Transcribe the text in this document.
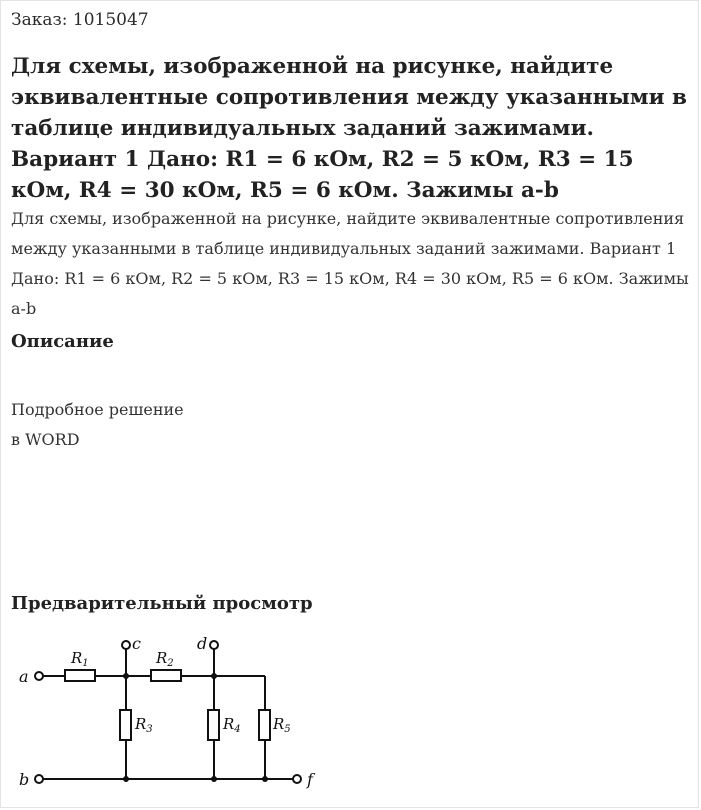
Заказ: 1015047
Для схемы, изображенной на рисунке, найдите эквивалентные сопротивления между указанными в таблице индивидуальных заданий зажимами. Вариант 1 Дано: R1 = 6 кОм, R2 = 5 кОм, R3 = 15 кОм, R4 = 30 кОм, R5 = 6 кОм. Зажимы a-b
Для схемы, изображенной на рисунке, найдите эквивалентные сопротивления между указанными в таблице индивидуальных заданий зажимами. Вариант 1 Дано: R1 = 6 кОм, R2 = 5 кОм, R3 = 15 кОм, R4 = 30 кОм, R5 = 6 кОм. Зажимы a-b
Описание
Подробное решение
в WORD
Предварительный просмотр
a
b
c	d
f
$R_1$	$R_2$
$R_3$	$R_4$ $R_5$
